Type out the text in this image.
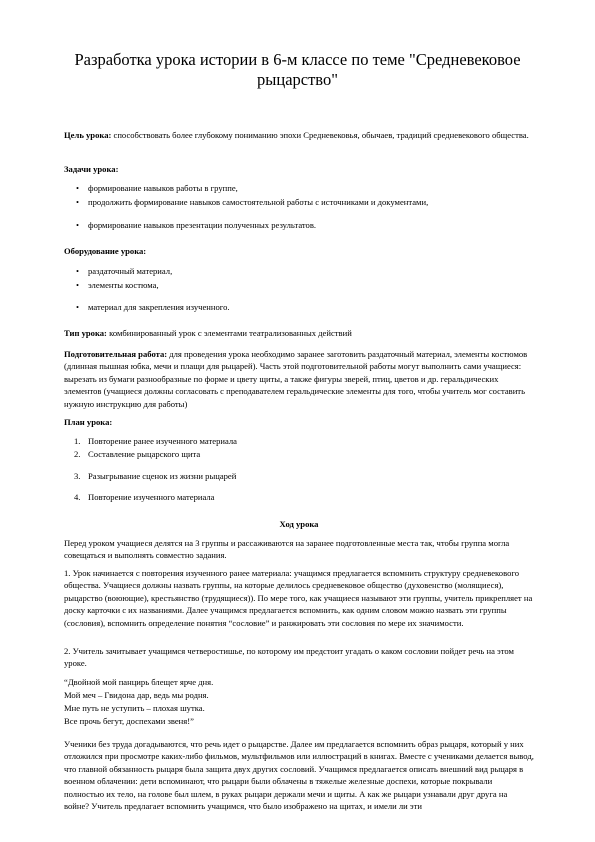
Разработка урока истории в 6-м классе по теме "Средневековое рыцарство"
Цель урока: способствовать более глубокому пониманию эпохи Средневековья, обычаев, традиций средневекового общества.
Задачи урока:
• формирование навыков работы в группе,
• продолжить формирование навыков самостоятельной работы с источниками и документами,
• формирование навыков презентации полученных результатов.
Оборудование урока:
• раздаточный материал,
• элементы костюма,
• материал для закрепления изученного.
Тип урока: комбинированный урок с элементами театрализованных действий
Подготовительная работа: для проведения урока необходимо заранее заготовить раздаточный материал, элементы костюмов (длинная пышная юбка, мечи и плащи для рыцарей). Часть этой подготовительной работы могут выполнить сами учащиеся: вырезать из бумаги разнообразные по форме и цвету щиты, а также фигуры зверей, птиц, цветов и др. геральдических элементов (учащиеся должны согласовать с преподавателем геральдические элементы для того, чтобы учитель мог составить нужную инструкцию для работы)
План урока:
1. Повторение ранее изученного материала
2. Составление рыцарского щита
3. Разыгрывание сценок из жизни рыцарей
4. Повторение изученного материала
Ход урока
Перед уроком учащиеся делятся на 3 группы и рассаживаются на заранее подготовленные места так, чтобы группа могла совещаться и выполнять совместно задания.
1. Урок начинается с повторения изученного ранее материала: учащимся предлагается вспомнить структуру средневекового общества. Учащиеся должны назвать группы, на которые делилось средневековое общество (духовенство (молящиеся), рыцарство (воюющие), крестьянство (трудящиеся)). По мере того, как учащиеся называют эти группы, учитель прикрепляет на доску карточки с их названиями. Далее учащимся предлагается вспомнить, как одним словом можно назвать эти группы (сословия), вспомнить определение понятия “сословие” и ранжировать эти сословия по мере их значимости.
2. Учитель зачитывает учащимся четверостишье, по которому им предстоит угадать о каком сословии пойдет речь на этом уроке.
“Двойной мой панцирь блещет ярче дня.
Мой меч – Гвидона дар, ведь мы родня.
Мне путь не уступить – плохая шутка.
Все прочь бегут, доспехами звеня!”
Ученики без труда догадываются, что речь идет о рыцарстве. Далее им предлагается вспомнить образ рыцаря, который у них отложился при просмотре каких-либо фильмов, мультфильмов или иллюстраций в книгах. Вместе с учениками делается вывод, что главной обязанность рыцаря была защита двух других сословий. Учащимся предлагается описать внешний вид рыцаря в военном облачении: дети вспоминают, что рыцари были облачены в тяжелые железные доспехи, которые покрывали полностью их тело, на голове был шлем, в руках рыцари держали мечи и щиты. А как же рыцари узнавали друг друга на войне? Учитель предлагает вспомнить учащимся, что было изображено на щитах, и имели ли эти
